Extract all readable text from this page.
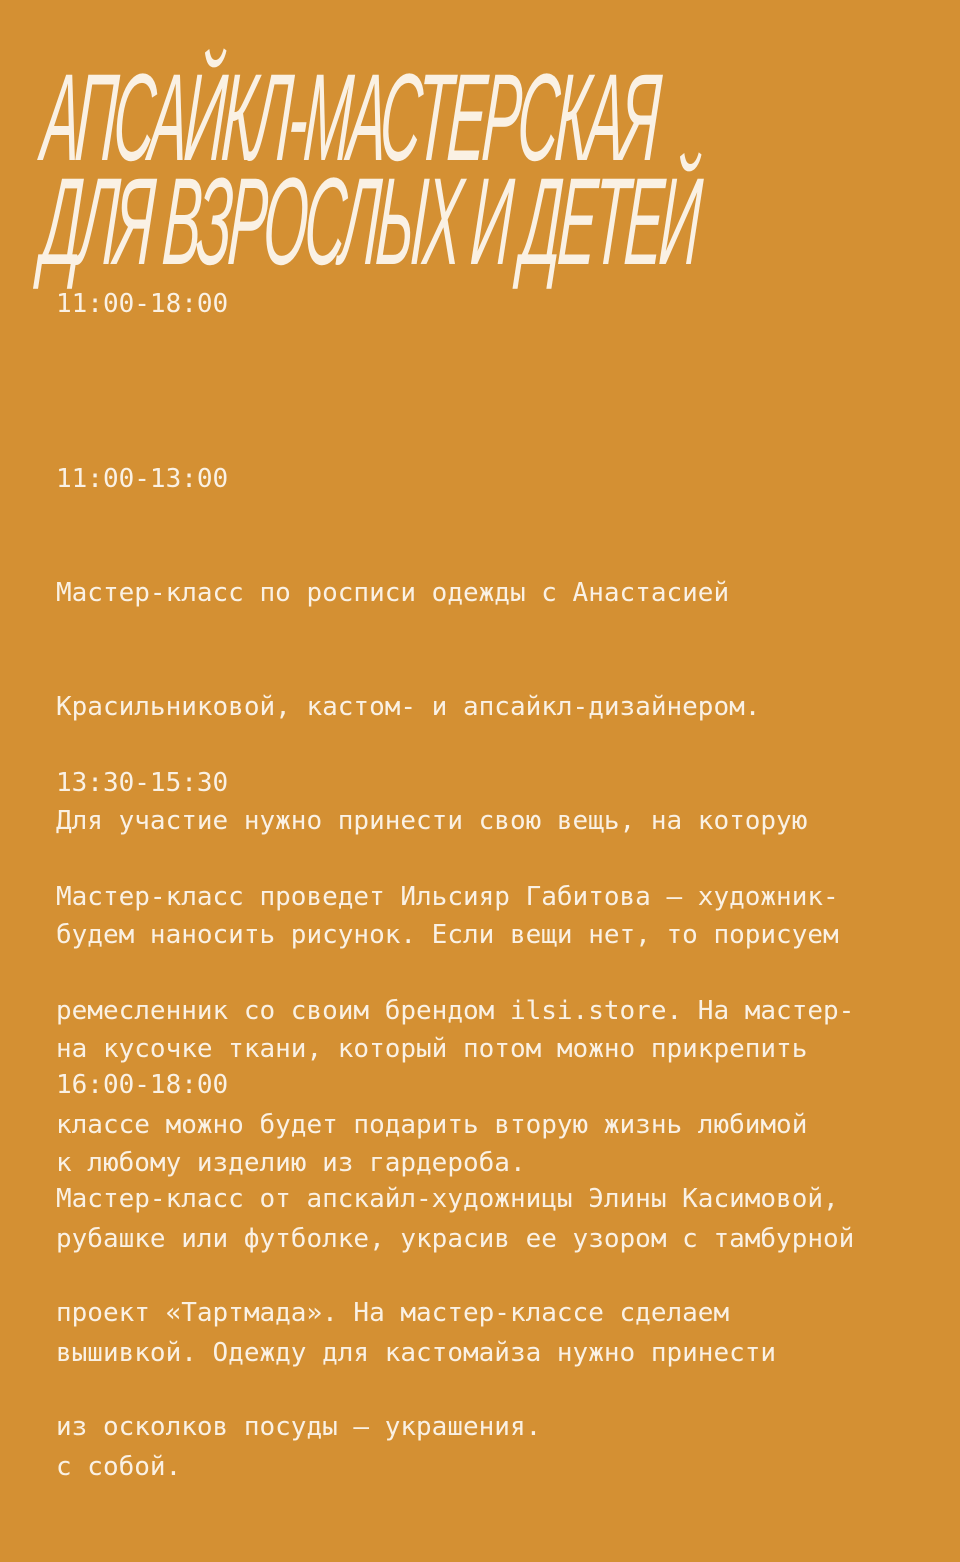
АПСАЙКЛ-МАСТЕРСКАЯ
ДЛЯ ВЗРОСЛЫХ И ДЕТЕЙ
11:00-18:00

11:00-13:00

Мастер-класс по росписи одежды с Анастасией

Красильниковой, кастом- и апсайкл-дизайнером.

Для участие нужно принести свою вещь, на которую

будем наносить рисунок. Если вещи нет, то порисуем

на кусочке ткани, который потом можно прикрепить

к любому изделию из гардероба.

13:30-15:30

Мастер-класс проведет Ильсияр Габитова — художник-

ремесленник со своим брендом ilsi.store. На мастер-

классе можно будет подарить вторую жизнь любимой

рубашке или футболке, украсив ее узором с тамбурной

вышивкой. Одежду для кастомайза нужно принести

с собой.

16:00-18:00

Мастер-класс от апскайл-художницы Элины Касимовой,

проект «Тартмада». На мастер-классе сделаем

из осколков посуды — украшения.
